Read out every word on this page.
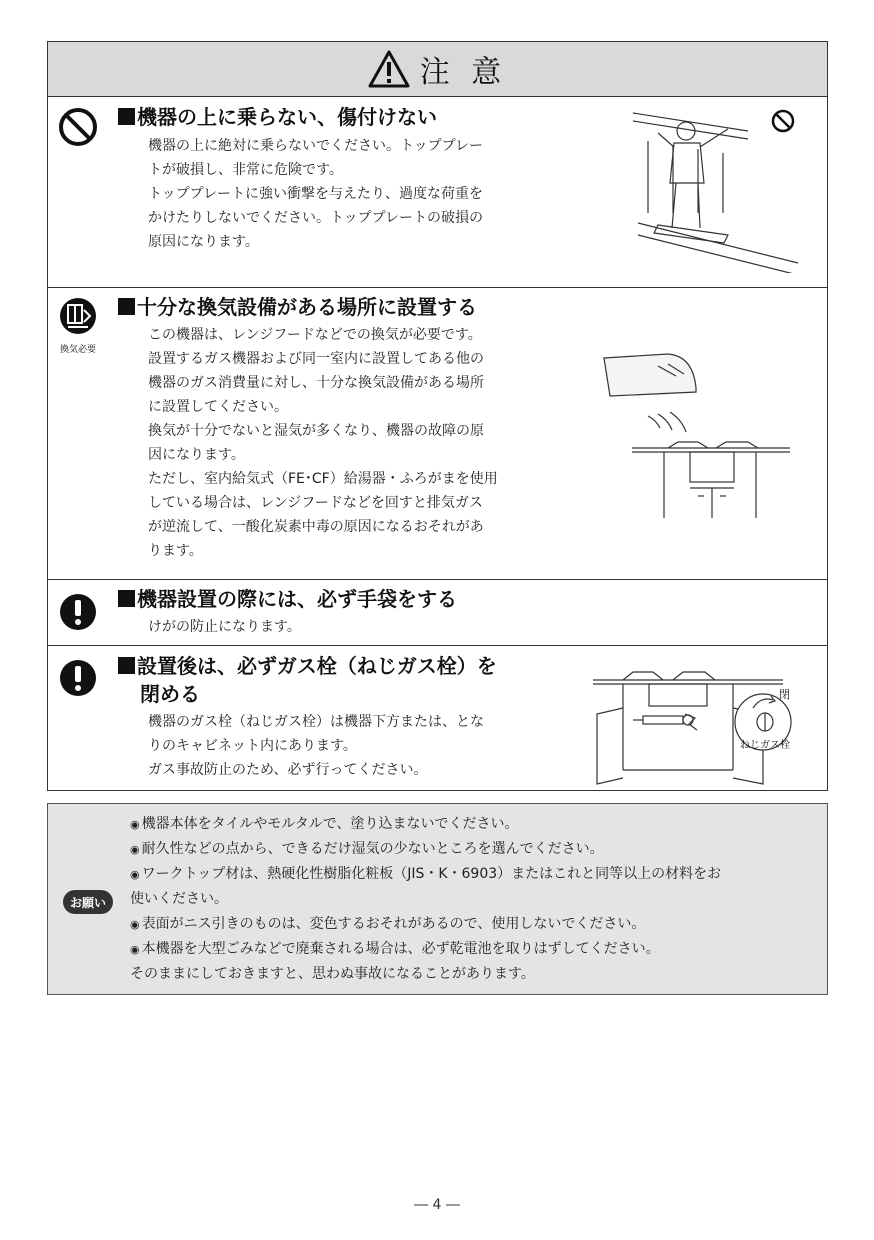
注 意
機器の上に乗らない、傷付けない

機器の上に絶対に乗らないでください。トッププレー

トが破損し、非常に危険です。

トッププレートに強い衝撃を与えたり、過度な荷重を

かけたりしないでください。トッププレートの破損の

原因になります。

換気必要
十分な換気設備がある場所に設置する

この機器は、レンジフードなどでの換気が必要です。

設置するガス機器および同一室内に設置してある他の

機器のガス消費量に対し、十分な換気設備がある場所

に設置してください。

換気が十分でないと湿気が多くなり、機器の故障の原

因になります。

ただし、室内給気式（FE･CF）給湯器・ふろがまを使用

している場合は、レンジフードなどを回すと排気ガス

が逆流して、一酸化炭素中毒の原因になるおそれがあ

ります。

機器設置の際には、必ず手袋をする

けがの防止になります。

設置後は、必ずガス栓（ねじガス栓）を
閉める

機器のガス栓（ねじガス栓）は機器下方または、とな

りのキャビネット内にあります。

ガス事故防止のため、必ず行ってください。

閉
ねじガス栓
お願い
◉ 機器本体をタイルやモルタルで、塗り込まないでください。
◉ 耐久性などの点から、できるだけ湿気の少ないところを選んでください。
◉ ワークトップ材は、熱硬化性樹脂化粧板（JIS・K・6903）またはこれと同等以上の材料をお
使いください。
◉ 表面がニス引きのものは、変色するおそれがあるので、使用しないでください。
◉ 本機器を大型ごみなどで廃棄される場合は、必ず乾電池を取りはずしてください。
そのままにしておきますと、思わぬ事故になることがあります。
― 4 ―
